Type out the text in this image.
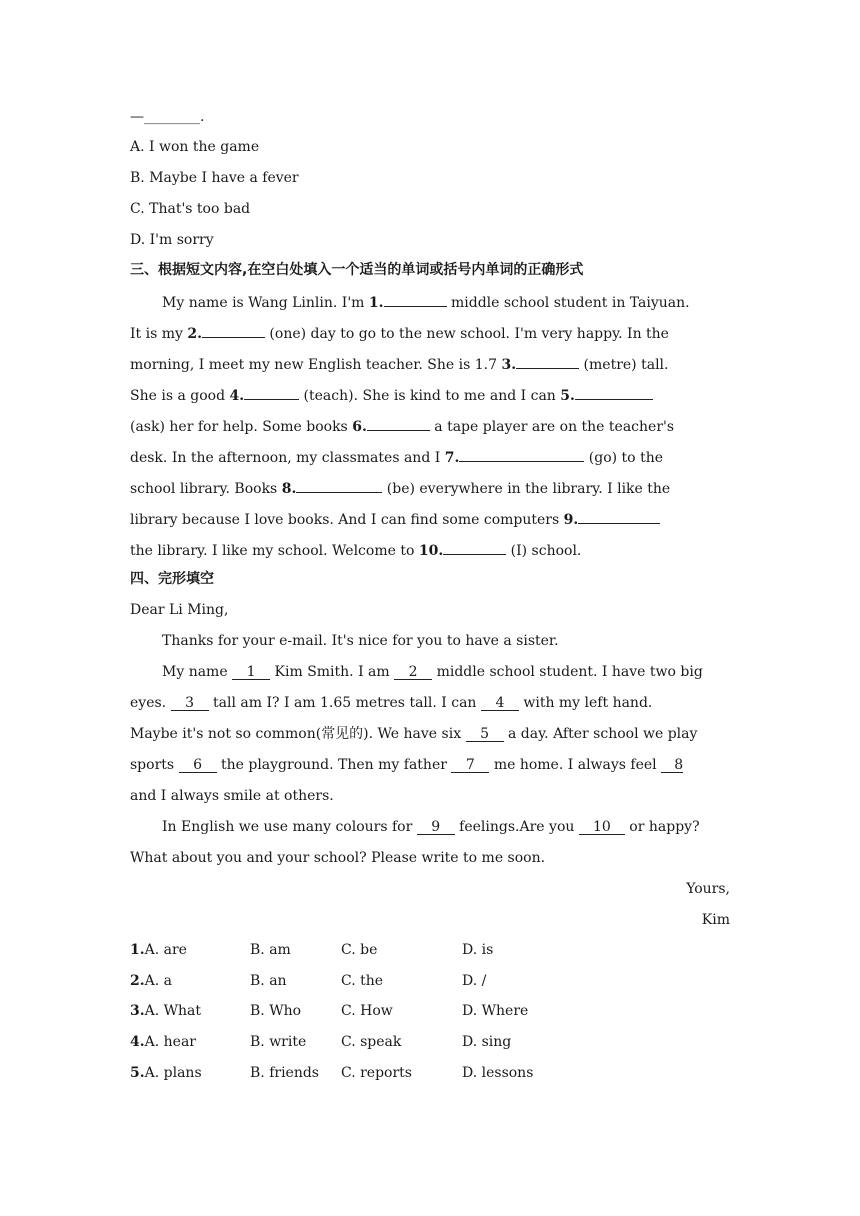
—________.
A. I won the game
B. Maybe I have a fever
C. That's too bad
D. I'm sorry
三、根据短文内容,在空白处填入一个适当的单词或括号内单词的正确形式
My name is Wang Linlin. I'm 1.	middle school student in Taiyuan.
It is my 2.	(one) day to go to the new school. I'm very happy. In the
morning, I meet my new English teacher. She is 1.7 3.	(metre) tall.
She is a good 4.	(teach). She is kind to me and I can 5.
(ask) her for help. Some books 6.	a tape player are on the teacher's
desk. In the afternoon, my classmates and I 7.	(go) to the
school library. Books 8.	(be) everywhere in the library. I like the
library because I love books. And I can find some computers 9.
the library. I like my school. Welcome to 10.	(I) school.
四、完形填空
Dear Li Ming,
Thanks for your e-mail. It's nice for you to have a sister.
My name 1 Kim Smith. I am 2 middle school student. I have two big
eyes. 3 tall am I? I am 1.65 metres tall. I can 4 with my left hand.
Maybe it's not so common(常见的). We have six 5 a day. After school we play
sports 6 the playground. Then my father 7 me home. I always feel 8
and I always smile at others.
In English we use many colours for 9 feelings.Are you 10 or happy?
What about you and your school? Please write to me soon.
Yours,
Kim
1.A. are	B. am	C. be	D. is
2.A. a	B. an	C. the	D. /
3.A. What	B. Who	C. How	D. Where
4.A. hear	B. write C. speak	D. sing
5.A. plans	B. friends C. reports	D. lessons
